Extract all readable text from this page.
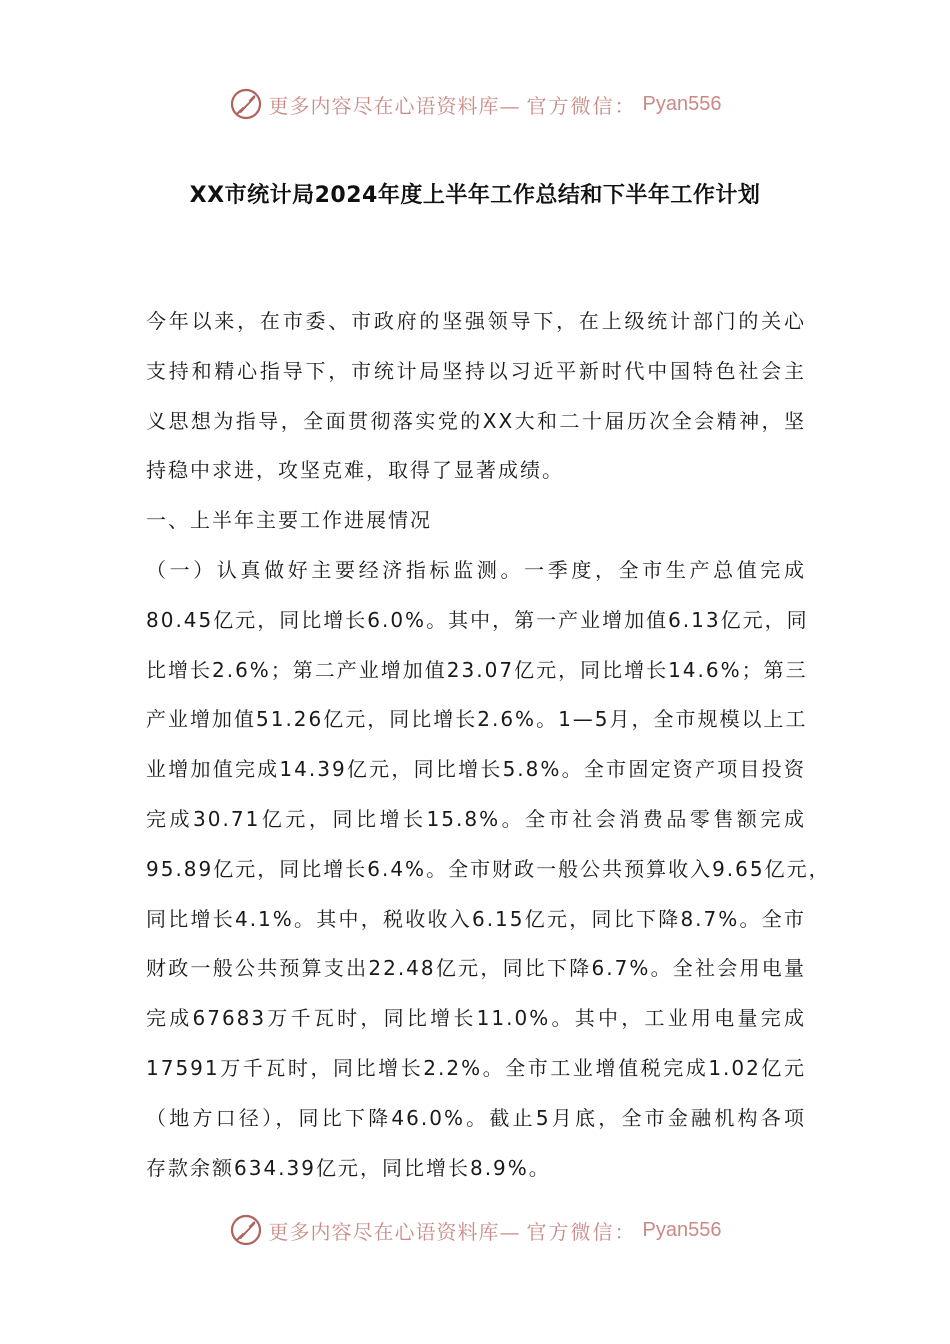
更多内容尽在心语资料库— 官方微信： Pyan556
XX市统计局2024年度上半年工作总结和下半年工作计划
今年以来，在市委、市政府的坚强领导下，在上级统计部门的关心
支持和精心指导下，市统计局坚持以习近平新时代中国特色社会主
义思想为指导，全面贯彻落实党的XX大和二十届历次全会精神，坚
持稳中求进，攻坚克难，取得了显著成绩。
一、上半年主要工作进展情况
（一）认真做好主要经济指标监测。一季度，全市生产总值完成
80.45亿元，同比增长6.0%。其中，第一产业增加值6.13亿元，同
比增长2.6%；第二产业增加值23.07亿元，同比增长14.6%；第三
产业增加值51.26亿元，同比增长2.6%。1—5月，全市规模以上工
业增加值完成14.39亿元，同比增长5.8%。全市固定资产项目投资
完成30.71亿元，同比增长15.8%。全市社会消费品零售额完成
95.89亿元，同比增长6.4%。全市财政一般公共预算收入9.65亿元，
同比增长4.1%。其中，税收收入6.15亿元，同比下降8.7%。全市
财政一般公共预算支出22.48亿元，同比下降6.7%。全社会用电量
完成67683万千瓦时，同比增长11.0%。其中，工业用电量完成
17591万千瓦时，同比增长2.2%。全市工业增值税完成1.02亿元
（地方口径），同比下降46.0%。截止5月底，全市金融机构各项
存款余额634.39亿元，同比增长8.9%。
更多内容尽在心语资料库— 官方微信： Pyan556
